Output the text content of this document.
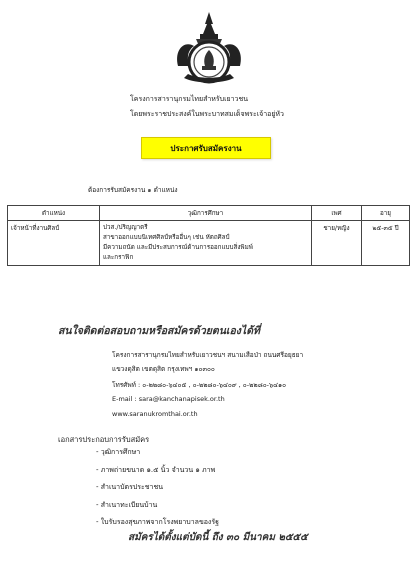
โครงการสารานุกรมไทยสำหรับเยาวชน
โดยพระราชประสงค์ในพระบาทสมเด็จพระเจ้าอยู่หัว
ประกาศรับสมัครงาน
ต้องการรับสมัครงาน ๑ ตำแหน่ง
ตำแหน่ง	วุฒิการศึกษา	เพศ	อายุ
เจ้าหน้าที่งานศิลป์	ปวส./ปริญญาตรี
สาขาออกแบบนิเทศศิลป์หรืออื่นๆ เช่น หัตถศิลป์
มีความถนัด และมีประสบการณ์ด้านการออกแบบสิ่งพิมพ์
และกราฟิก	ชาย/หญิง	๒๕-๓๕ ปี
สนใจติดต่อสอบถามหรือสมัครด้วยตนเองได้ที่
โครงการสารานุกรมไทยสำหรับเยาวชนฯ สนามเสือป่า ถนนศรีอยุธยา
แขวงดุสิต เขตดุสิต กรุงเทพฯ ๑๐๓๐๐
โทรศัพท์ : ๐-๒๒๘๐-๖๔๐๕ , ๐-๒๒๘๐-๖๔๐๙ , ๐-๒๒๘๐-๖๔๑๐
E-mail : sara@kanchanapisek.or.th
www.saranukromthai.or.th
เอกสารประกอบการรับสมัคร
- วุฒิการศึกษา
- ภาพถ่ายขนาด ๑.๕ นิ้ว จำนวน ๑ ภาพ
- สำเนาบัตรประชาชน
- สำเนาทะเบียนบ้าน
- ใบรับรองสุขภาพจากโรงพยาบาลของรัฐ
สมัครได้ตั้งแต่บัดนี้ ถึง ๓๐ มีนาคม ๒๕๕๕
